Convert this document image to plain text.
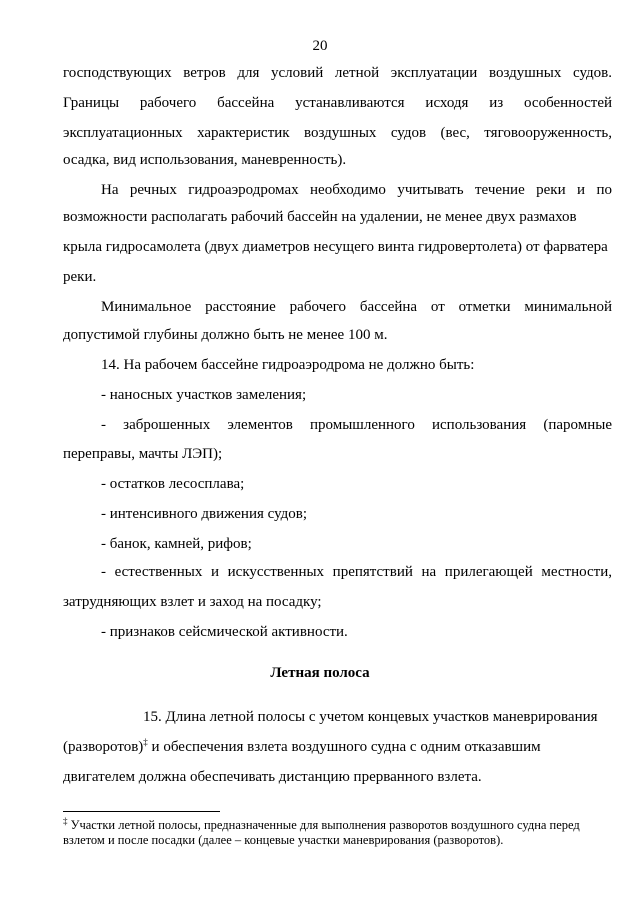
20
господствующих ветров для условий летной эксплуатации воздушных судов.
Границы рабочего бассейна устанавливаются исходя из особенностей
эксплуатационных характеристик воздушных судов (вес, тяговооруженность,
осадка, вид использования, маневренность).
На речных гидроаэродромах необходимо учитывать течение реки и по
возможности располагать рабочий бассейн на удалении, не менее двух размахов
крыла гидросамолета (двух диаметров несущего винта гидровертолета) от фарватера
реки.
Минимальное расстояние рабочего бассейна от отметки минимальной
допустимой глубины должно быть не менее 100 м.
14. На рабочем бассейне гидроаэродрома не должно быть:
- наносных участков замеления;
- заброшенных элементов промышленного использования (паромные
переправы, мачты ЛЭП);
- остатков лесосплава;
- интенсивного движения судов;
- банок, камней, рифов;
- естественных и искусственных препятствий на прилегающей местности,
затрудняющих взлет и заход на посадку;
- признаков сейсмической активности.
Летная полоса
15. Длина летной полосы с учетом концевых участков маневрирования
(разворотов)‡ и обеспечения взлета воздушного судна с одним отказавшим
двигателем должна обеспечивать дистанцию прерванного взлета.
‡ Участки летной полосы, предназначенные для выполнения разворотов воздушного судна перед
взлетом и после посадки (далее – концевые участки маневрирования (разворотов).
